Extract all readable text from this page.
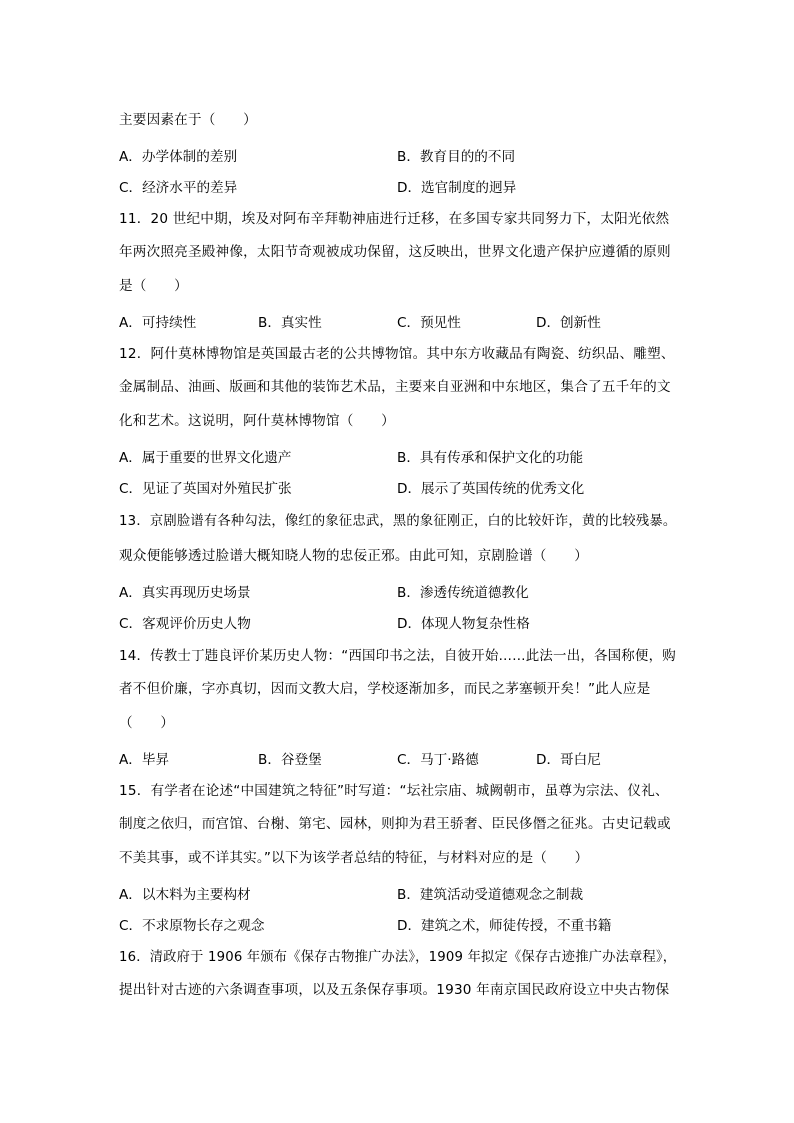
主要因素在于（　　）
A．办学体制的差别	B．教育目的的不同
C．经济水平的差异	D．选官制度的迥异
11．20 世纪中期，埃及对阿布辛拜勒神庙进行迁移，在多国专家共同努力下，太阳光依然
年两次照亮圣殿神像，太阳节奇观被成功保留，这反映出，世界文化遗产保护应遵循的原则
是（　　）
A．可持续性	B．真实性	C．预见性	D．创新性
12．阿什莫林博物馆是英国最古老的公共博物馆。其中东方收藏品有陶瓷、纺织品、雕塑、
金属制品、油画、版画和其他的装饰艺术品，主要来自亚洲和中东地区，集合了五千年的文
化和艺术。这说明，阿什莫林博物馆（　　）
A．属于重要的世界文化遗产	B．具有传承和保护文化的功能
C．见证了英国对外殖民扩张	D．展示了英国传统的优秀文化
13．京剧脸谱有各种勾法，像红的象征忠武，黑的象征刚正，白的比较奸诈，黄的比较残暴。
观众便能够透过脸谱大概知晓人物的忠佞正邪。由此可知，京剧脸谱（　　）
A．真实再现历史场景	B．渗透传统道德教化
C．客观评价历史人物	D．体现人物复杂性格
14．传教士丁韪良评价某历史人物：“西国印书之法，自彼开始……此法一出，各国称便，购
者不但价廉，字亦真切，因而文教大启，学校逐渐加多，而民之茅塞顿开矣！”此人应是
（　　）
A．毕昇	B．谷登堡	C．马丁·路德	D．哥白尼
15．有学者在论述“中国建筑之特征”时写道：“坛社宗庙、城阙朝市，虽尊为宗法、仪礼、
制度之依归，而宫馆、台榭、第宅、园林，则抑为君王骄奢、臣民侈僭之征兆。古史记载或
不美其事，或不详其实。”以下为该学者总结的特征，与材料对应的是（　　）
A．以木料为主要构材	B．建筑活动受道德观念之制裁
C．不求原物长存之观念	D．建筑之术，师徒传授，不重书籍
16．清政府于 1906 年颁布《保存古物推广办法》，1909 年拟定《保存古迹推广办法章程》，
提出针对古迹的六条调查事项，以及五条保存事项。1930 年南京国民政府设立中央古物保
